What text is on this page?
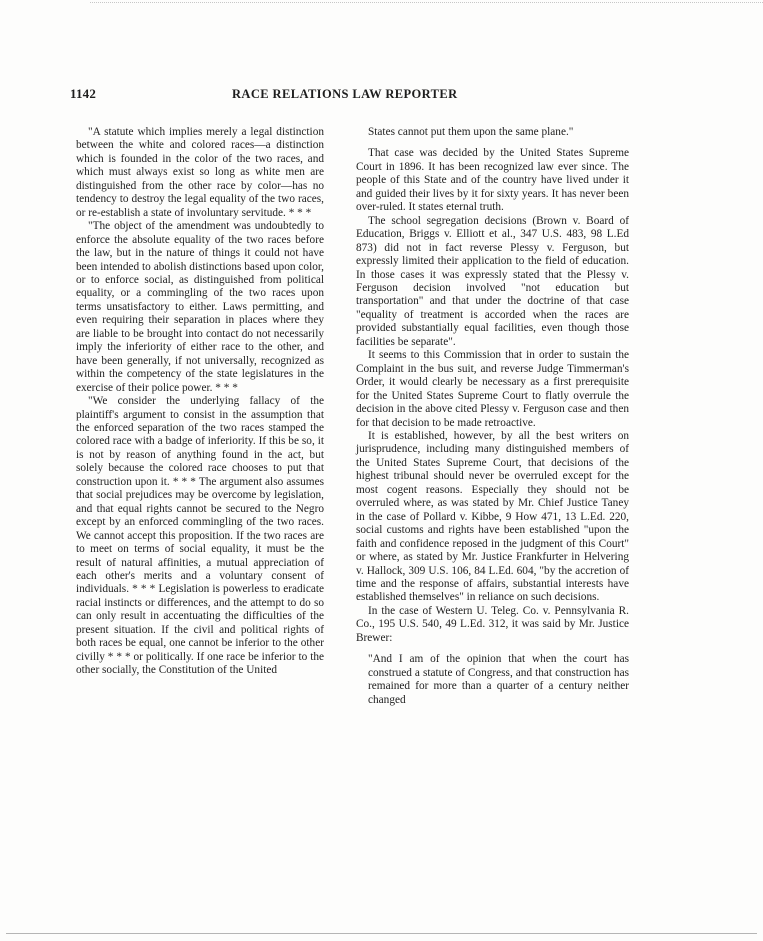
1142	RACE RELATIONS LAW REPORTER

"A statute which implies merely a legal distinction between the white and colored races—a distinction which is founded in the color of the two races, and which must always exist so long as white men are distinguished from the other race by color—has no tendency to destroy the legal equality of the two races, or re-establish a state of involuntary servitude. * * *

"The object of the amendment was undoubtedly to enforce the absolute equality of the two races before the law, but in the nature of things it could not have been intended to abolish distinctions based upon color, or to enforce social, as distinguished from political equality, or a commingling of the two races upon terms unsatisfactory to either. Laws permitting, and even requiring their separation in places where they are liable to be brought into contact do not necessarily imply the inferiority of either race to the other, and have been generally, if not universally, recognized as within the competency of the state legislatures in the exercise of their police power. * * *

"We consider the underlying fallacy of the plaintiff's argument to consist in the assumption that the enforced separation of the two races stamped the colored race with a badge of inferiority. If this be so, it is not by reason of anything found in the act, but solely because the colored race chooses to put that construction upon it. * * * The argument also assumes that social prejudices may be overcome by legislation, and that equal rights cannot be secured to the Negro except by an enforced commingling of the two races. We cannot accept this proposition. If the two races are to meet on terms of social equality, it must be the result of natural affinities, a mutual appreciation of each other's merits and a voluntary consent of individuals. * * * Legislation is powerless to eradicate racial instincts or differences, and the attempt to do so can only result in accentuating the difficulties of the present situation. If the civil and political rights of both races be equal, one cannot be inferior to the other civilly * * * or politically. If one race be inferior to the other socially, the Constitution of the United

States cannot put them upon the same plane."

That case was decided by the United States Supreme Court in 1896. It has been recognized law ever since. The people of this State and of the country have lived under it and guided their lives by it for sixty years. It has never been over-ruled. It states eternal truth.

The school segregation decisions (Brown v. Board of Education, Briggs v. Elliott et al., 347 U.S. 483, 98 L.Ed 873) did not in fact reverse Plessy v. Ferguson, but expressly limited their application to the field of education. In those cases it was expressly stated that the Plessy v. Ferguson decision involved "not education but transportation" and that under the doctrine of that case "equality of treatment is accorded when the races are provided substantially equal facilities, even though those facilities be separate".

It seems to this Commission that in order to sustain the Complaint in the bus suit, and reverse Judge Timmerman's Order, it would clearly be necessary as a first prerequisite for the United States Supreme Court to flatly overrule the decision in the above cited Plessy v. Ferguson case and then for that decision to be made retroactive.

It is established, however, by all the best writers on jurisprudence, including many distinguished members of the United States Supreme Court, that decisions of the highest tribunal should never be overruled except for the most cogent reasons. Especially they should not be overruled where, as was stated by Mr. Chief Justice Taney in the case of Pollard v. Kibbe, 9 How 471, 13 L.Ed. 220, social customs and rights have been established "upon the faith and confidence reposed in the judgment of this Court" or where, as stated by Mr. Justice Frankfurter in Helvering v. Hallock, 309 U.S. 106, 84 L.Ed. 604, "by the accretion of time and the response of affairs, substantial interests have established themselves" in reliance on such decisions.

In the case of Western U. Teleg. Co. v. Pennsylvania R. Co., 195 U.S. 540, 49 L.Ed. 312, it was said by Mr. Justice Brewer:

"And I am of the opinion that when the court has construed a statute of Congress, and that construction has remained for more than a quarter of a century neither changed
